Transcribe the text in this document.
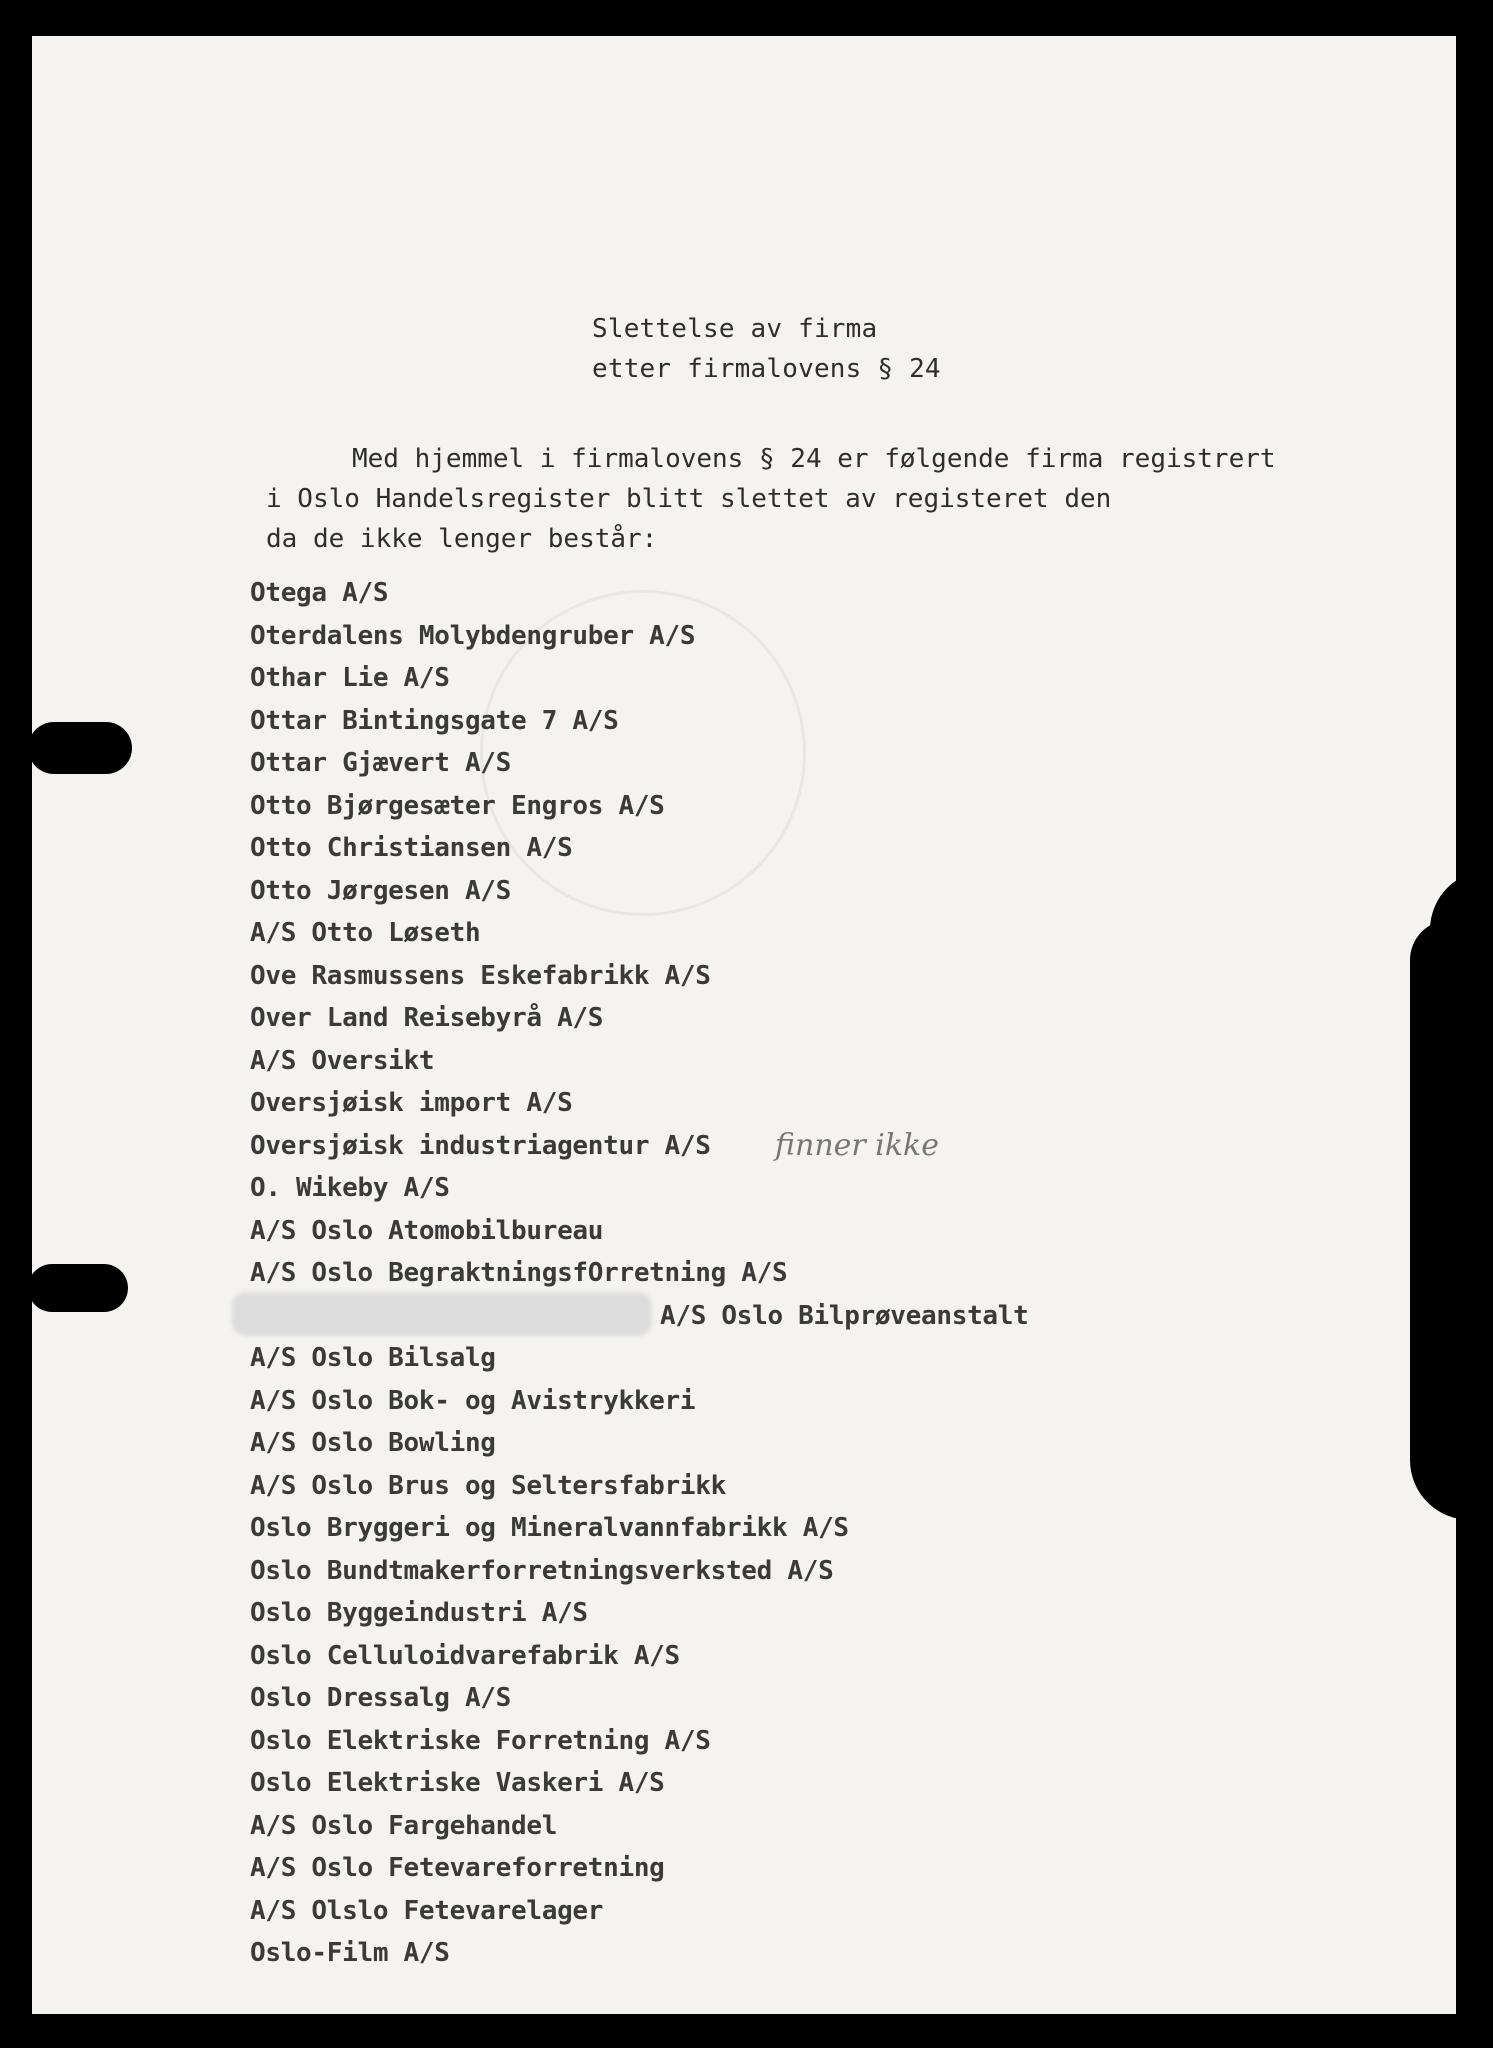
Slettelse av firma
etter firmalovens § 24
Med hjemmel i firmalovens § 24 er følgende firma registrert
i Oslo Handelsregister blitt slettet av registeret den
da de ikke lenger består:
Otega A/S
Oterdalens Molybdengruber A/S
Othar Lie A/S
Ottar Bintingsgate 7 A/S
Ottar Gjævert A/S
Otto Bjørgesæter Engros A/S
Otto Christiansen A/S
Otto Jørgesen A/S
A/S Otto Løseth
Ove Rasmussens Eskefabrikk A/S
Over Land Reisebyrå A/S
A/S Oversikt
Oversjøisk import A/S
Oversjøisk industriagentur A/S
O. Wikeby A/S
A/S Oslo Atomobilbureau
A/S Oslo BegraktningsfOrretning A/S
A/S Oslo Bilprøveanstalt
A/S Oslo Bilsalg
A/S Oslo Bok- og Avistrykkeri
A/S Oslo Bowling
A/S Oslo Brus og Seltersfabrikk
Oslo Bryggeri og Mineralvannfabrikk A/S
Oslo Bundtmakerforretningsverksted A/S
Oslo Byggeindustri A/S
Oslo Celluloidvarefabrik A/S
Oslo Dressalg A/S
Oslo Elektriske Forretning A/S
Oslo Elektriske Vaskeri A/S
A/S Oslo Fargehandel
A/S Oslo Fetevareforretning
A/S Olslo Fetevarelager
Oslo-Film A/S
finner ikke
